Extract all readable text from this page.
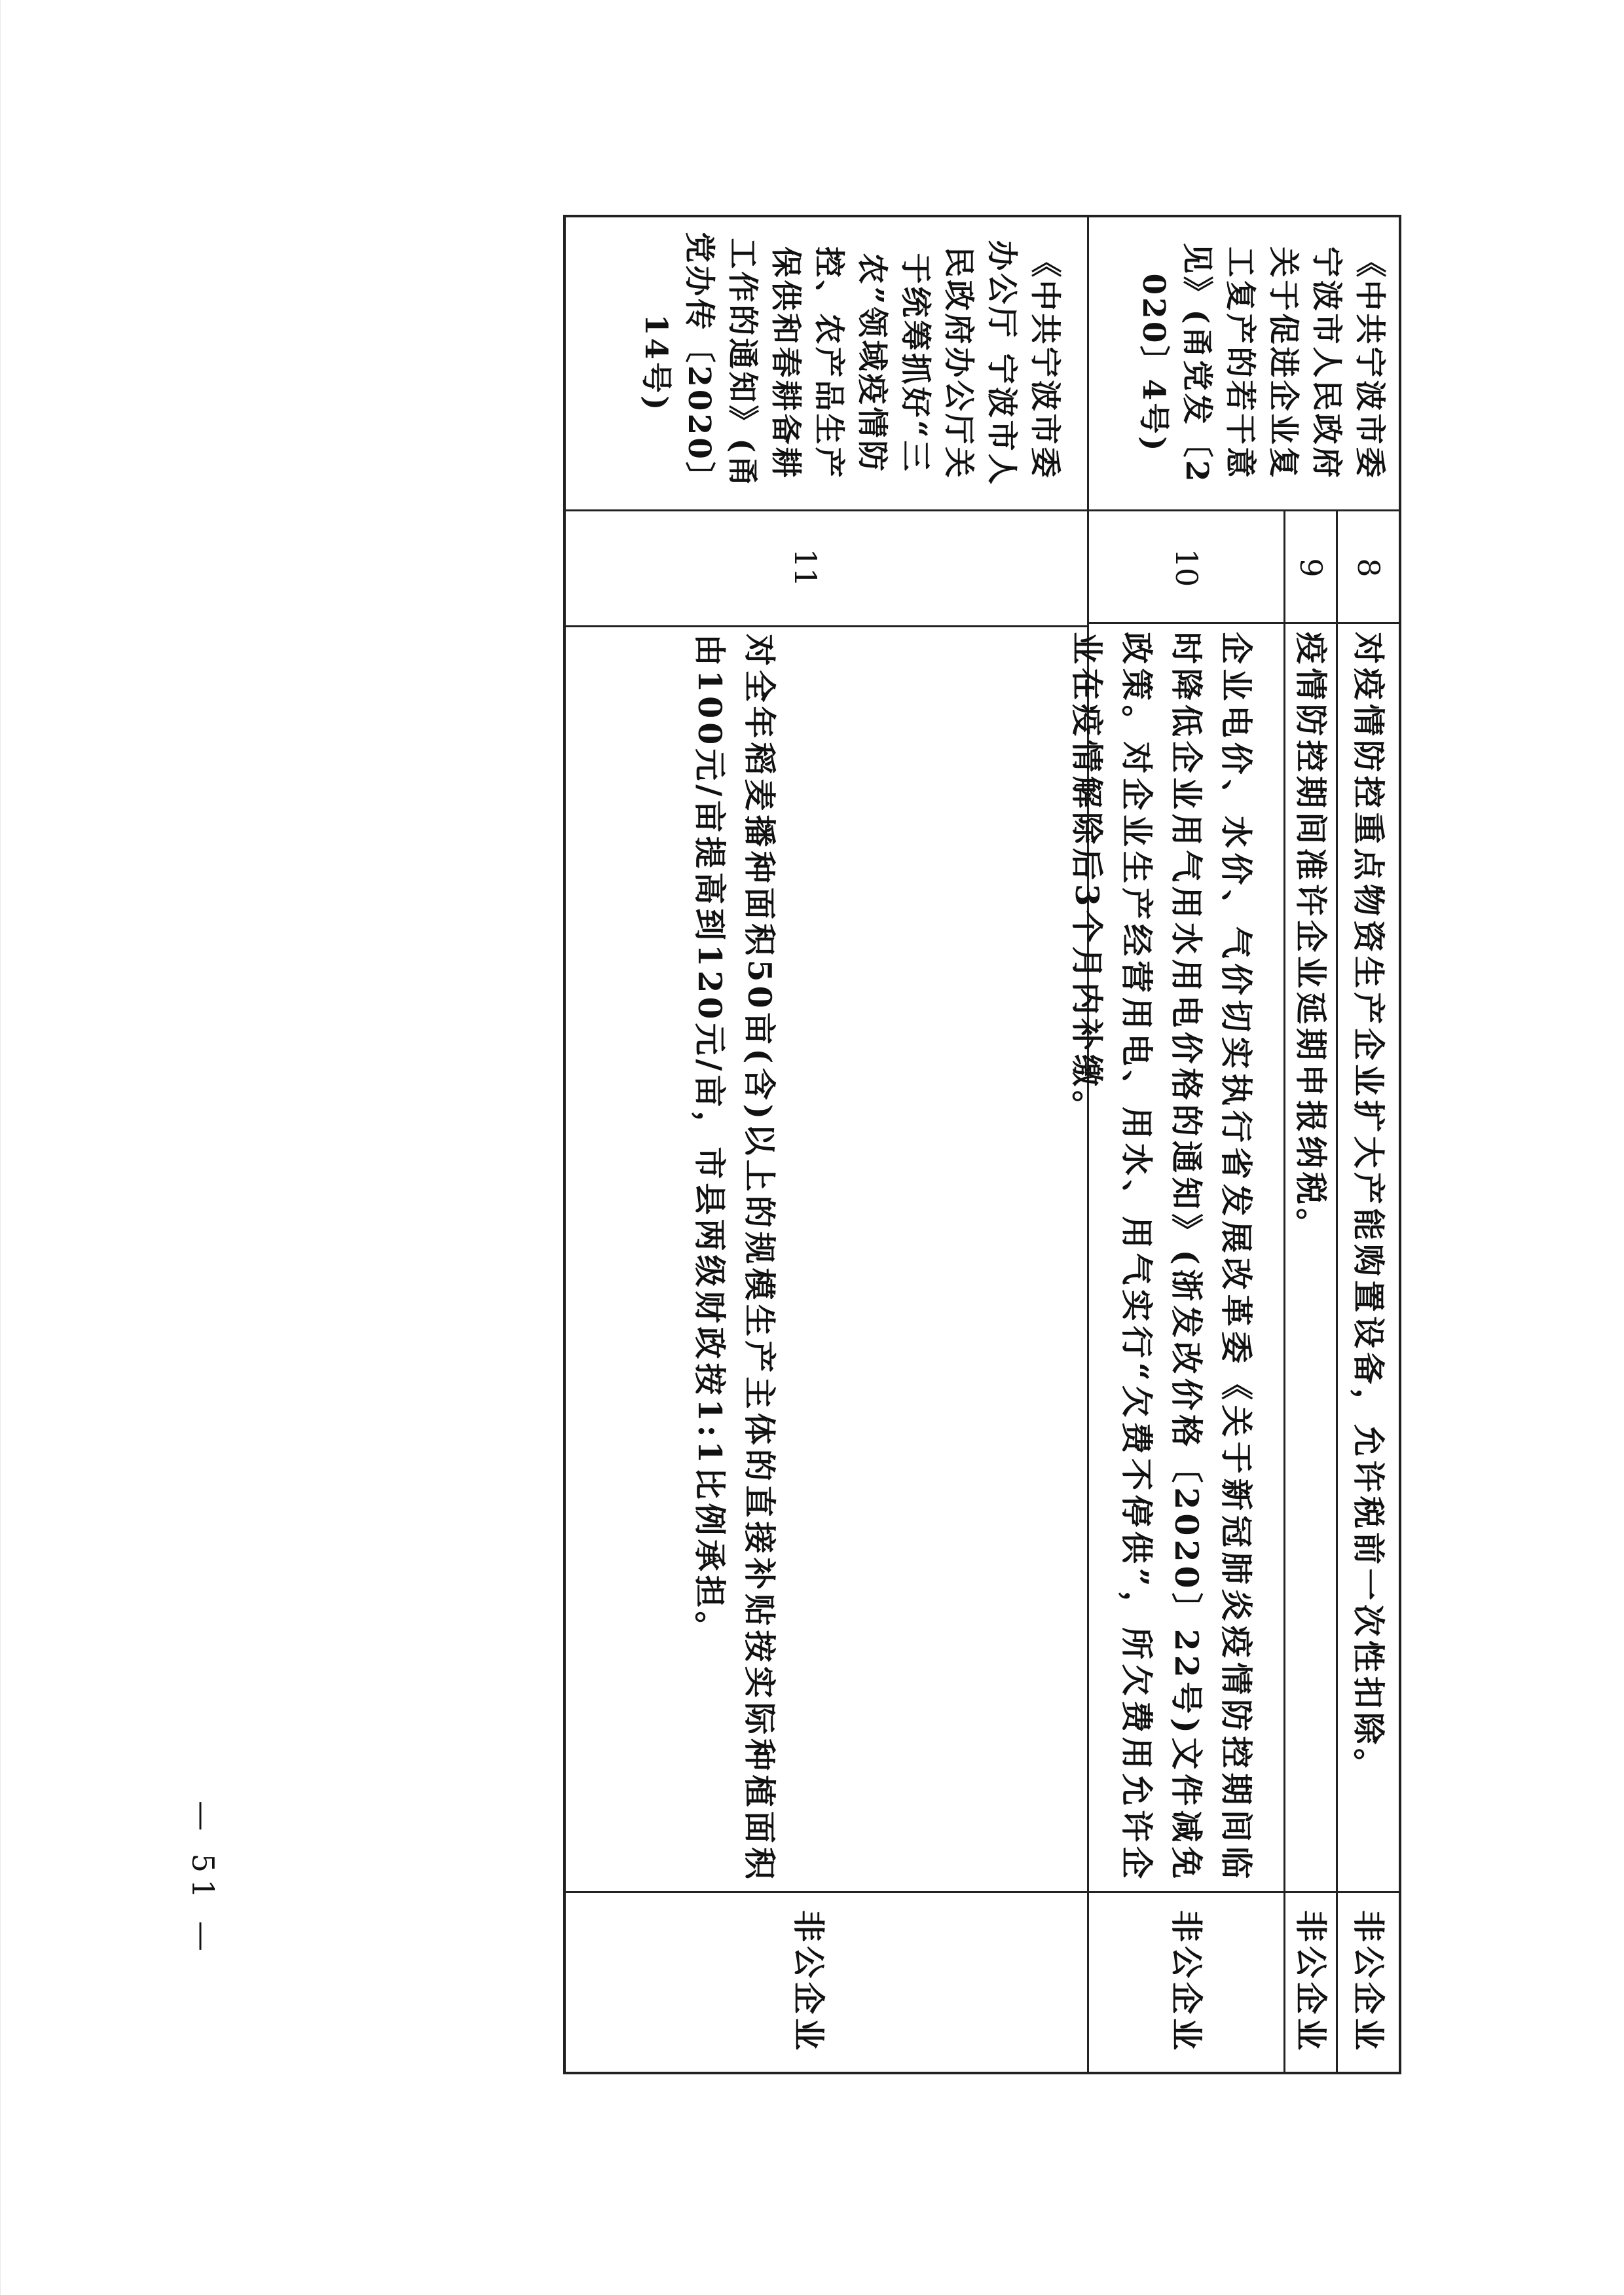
《中共宁波市委宁波市人民政府关于促进企业复工复产的若干意见》(甬党发〔2020〕4号)
《中共宁波市委办公厅 宁波市人民政府办公厅关于统筹抓好“三农”领域疫情防控、农产品生产保供和春耕备耕工作的通知》(甬党办传〔2020〕14号)
8
对疫情防控重点物资生产企业扩大产能购置设备，允许税前一次性扣除。
非公企业
9
疫情防控期间准许企业延期申报纳税。
非公企业
10
企业电价、水价、气价切实执行省发展改革委《关于新冠肺炎疫情防控期间临时降低企业用气用水用电价格的通知》(浙发改价格〔2020〕22号)文件减免政策。对企业生产经营用电、用水、用气实行“欠费不停供”，所欠费用允许企业在疫情解除后3个月内补缴。
非公企业
对全年稻麦播种面积50亩(含)以上的规模生产主体的直接补贴按实际种植面积由100元/亩提高到120元/亩，市县两级财政按1:1比例承担。
11
非公企业
— 51 —
